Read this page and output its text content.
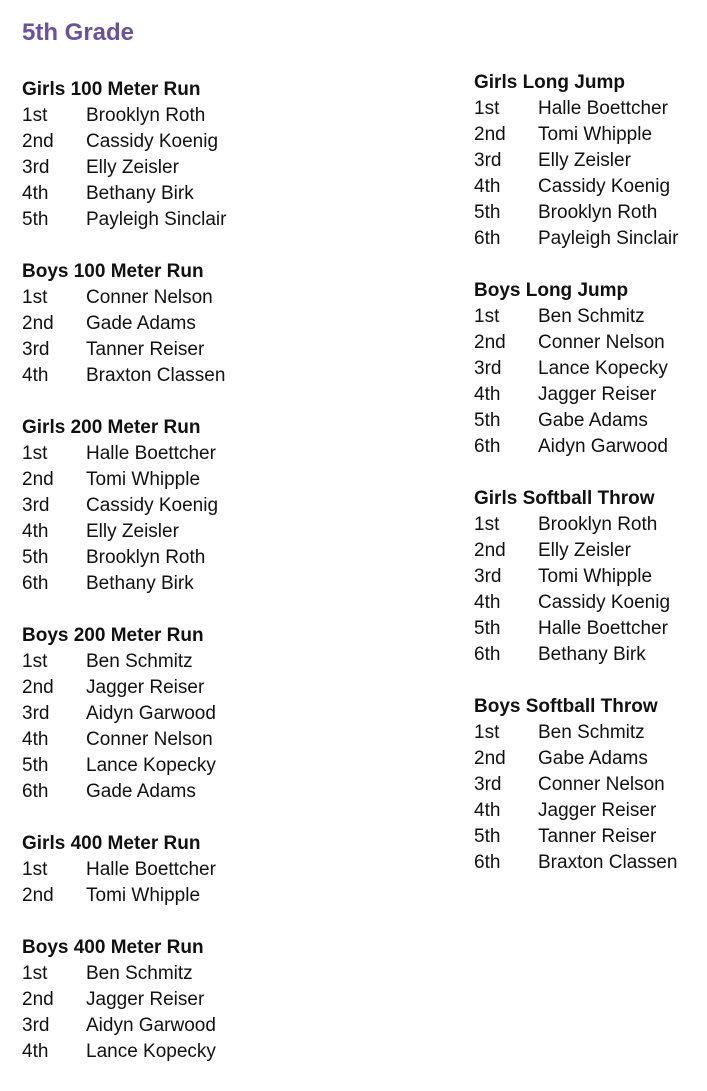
5th Grade
Girls 100 Meter Run
1st	Brooklyn Roth
2nd	Cassidy Koenig
3rd	Elly Zeisler
4th	Bethany Birk
5th	Payleigh Sinclair
Boys 100 Meter Run
1st	Conner Nelson
2nd	Gade Adams
3rd	Tanner Reiser
4th	Braxton Classen
Girls 200 Meter Run
1st	Halle Boettcher
2nd	Tomi Whipple
3rd	Cassidy Koenig
4th	Elly Zeisler
5th	Brooklyn Roth
6th	Bethany Birk
Boys 200 Meter Run
1st	Ben Schmitz
2nd	Jagger Reiser
3rd	Aidyn Garwood
4th	Conner Nelson
5th	Lance Kopecky
6th	Gade Adams
Girls 400 Meter Run
1st	Halle Boettcher
2nd	Tomi Whipple
Boys 400 Meter Run
1st	Ben Schmitz
2nd	Jagger Reiser
3rd	Aidyn Garwood
4th	Lance Kopecky
Girls Long Jump
1st	Halle Boettcher
2nd	Tomi Whipple
3rd	Elly Zeisler
4th	Cassidy Koenig
5th	Brooklyn Roth
6th	Payleigh Sinclair
Boys Long Jump
1st	Ben Schmitz
2nd	Conner Nelson
3rd	Lance Kopecky
4th	Jagger Reiser
5th	Gabe Adams
6th	Aidyn Garwood
Girls Softball Throw
1st	Brooklyn Roth
2nd	Elly Zeisler
3rd	Tomi Whipple
4th	Cassidy Koenig
5th	Halle Boettcher
6th	Bethany Birk
Boys Softball Throw
1st	Ben Schmitz
2nd	Gabe Adams
3rd	Conner Nelson
4th	Jagger Reiser
5th	Tanner Reiser
6th	Braxton Classen
